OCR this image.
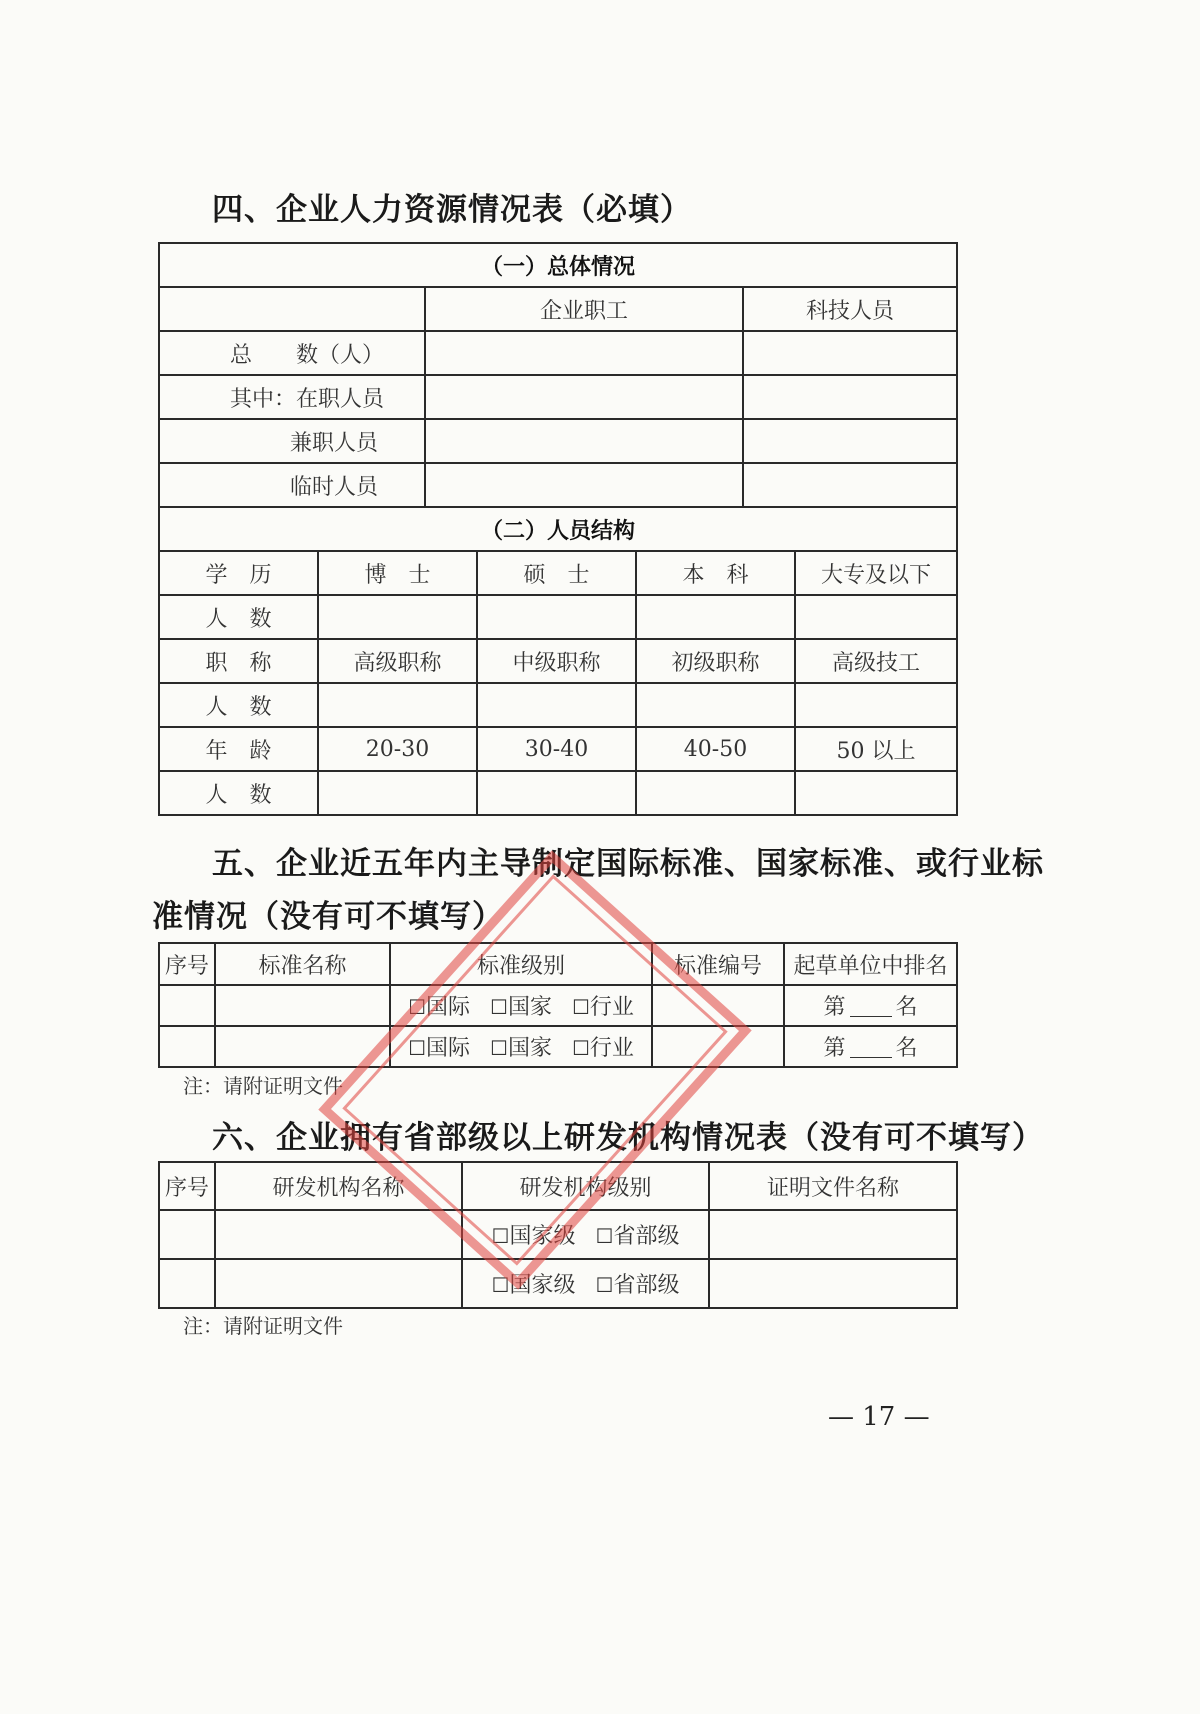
四、企业人力资源情况表（必填）
（一）总体情况						
		企业职工			科技人员	
总　　数（人）						
其中：在职人员						
兼职人员						
临时人员						
（二）人员结构						
学　历	博　士		硕　士	本　科		大专及以下
人　数						
职　称	高级职称		中级职称	初级职称		高级技工
人　数						
年　龄	20-30		30-40	40-50		50 以上
人　数						
五、企业近五年内主导制定国际标准、国家标准、或行业标
准情况（没有可不填写）
序号	标准名称	标准级别	标准编号	起草单位中排名
		☐国际 ☐国家 ☐行业		第 名
		☐国际 ☐国家 ☐行业		第 名
注：请附证明文件
六、企业拥有省部级以上研发机构情况表（没有可不填写）
序号	研发机构名称	研发机构级别	证明文件名称
		☐国家级 ☐省部级	
		☐国家级 ☐省部级	
注：请附证明文件
— 17 —
